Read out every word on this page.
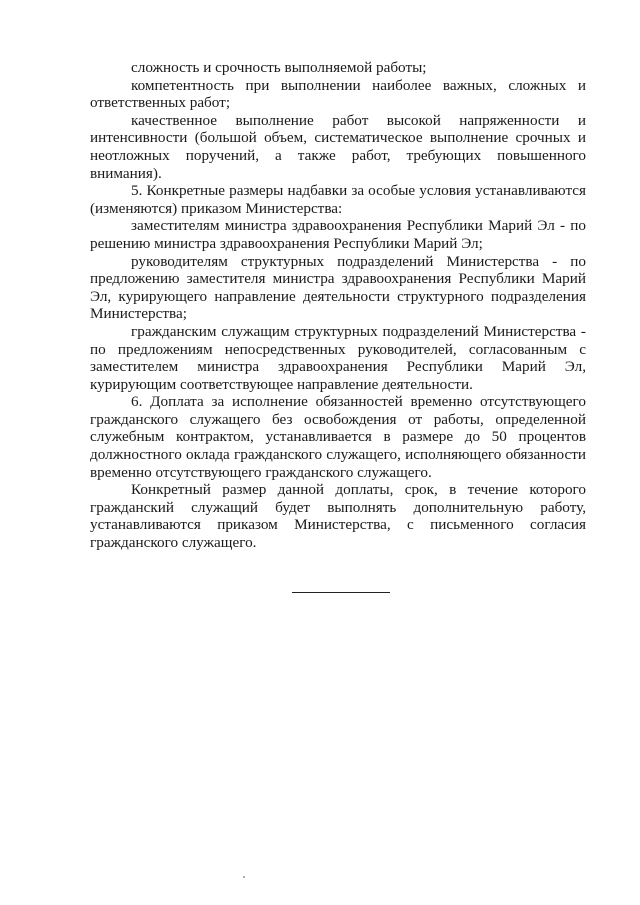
сложность и срочность выполняемой работы;

компетентность при выполнении наиболее важных, сложных и ответственных работ;

качественное выполнение работ высокой напряженности и интенсивности (большой объем, систематическое выполнение срочных и неотложных поручений, а также работ, требующих повышенного внимания).

5. Конкретные размеры надбавки за особые условия устанавливаются (изменяются) приказом Министерства:

заместителям министра здравоохранения Республики Марий Эл - по решению министра здравоохранения Республики Марий Эл;

руководителям структурных подразделений Министерства - по предложению заместителя министра здравоохранения Республики Марий Эл, курирующего направление деятельности структурного подразделения Министерства;

гражданским служащим структурных подразделений Министерства - по предложениям непосредственных руководителей, согласованным с заместителем министра здравоохранения Республики Марий Эл, курирующим соответствующее направление деятельности.

6. Доплата за исполнение обязанностей временно отсутствующего гражданского служащего без освобождения от работы, определенной служебным контрактом, устанавливается в размере до 50 процентов должностного оклада гражданского служащего, исполняющего обязанности временно отсутствующего гражданского служащего.

Конкретный размер данной доплаты, срок, в течение которого гражданский служащий будет выполнять дополнительную работу, устанавливаются приказом Министерства, с письменного согласия гражданского служащего.
